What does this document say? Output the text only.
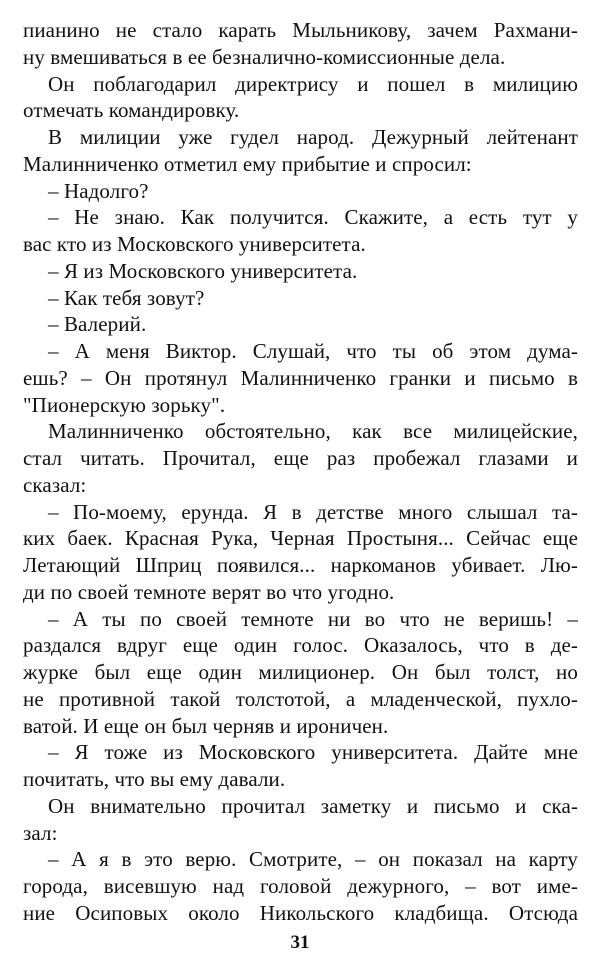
пианино не стало карать Мыльникову, зачем Рахмани-
ну вмешиваться в ее безналично-комиссионные дела.
Он поблагодарил директрису и пошел в милицию
отмечать командировку.
В милиции уже гудел народ. Дежурный лейтенант
Малинниченко отметил ему прибытие и спросил:
– Надолго?
– Не знаю. Как получится. Скажите, а есть тут у
вас кто из Московского университета.
– Я из Московского университета.
– Как тебя зовут?
– Валерий.
– А меня Виктор. Слушай, что ты об этом дума-
ешь? – Он протянул Малинниченко гранки и письмо в
"Пионерскую зорьку".
Малинниченко обстоятельно, как все милицейские,
стал читать. Прочитал, еще раз пробежал глазами и
сказал:
– По-моему, ерунда. Я в детстве много слышал та-
ких баек. Красная Рука, Черная Простыня... Сейчас еще
Летающий Шприц появился... наркоманов убивает. Лю-
ди по своей темноте верят во что угодно.
– А ты по своей темноте ни во что не веришь! –
раздался вдруг еще один голос. Оказалось, что в де-
журке был еще один милиционер. Он был толст, но
не противной такой толстотой, а младенческой, пухло-
ватой. И еще он был черняв и ироничен.
– Я тоже из Московского университета. Дайте мне
почитать, что вы ему давали.
Он внимательно прочитал заметку и письмо и ска-
зал:
– А я в это верю. Смотрите, – он показал на карту
города, висевшую над головой дежурного, – вот име-
ние Осиповых около Никольского кладбища. Отсюда
31
